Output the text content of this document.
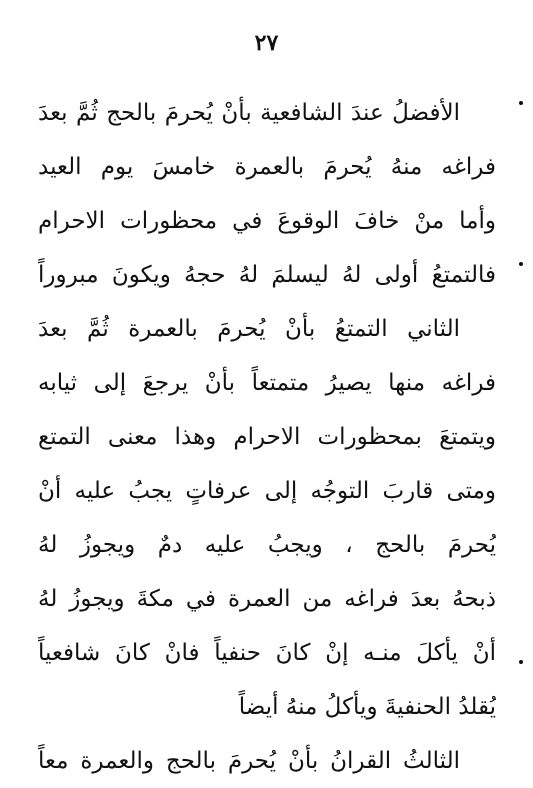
٢٧
الأفضلُ عندَ الشافعية بأنْ يُحرمَ بالحج ثُمَّ بعدَ
فراغه منهُ يُحرمَ بالعمرة خامسَ يوم العيد
وأما منْ خافَ الوقوعَ في محظورات الاحرام
فالتمتعُ أولى لهُ ليسلمَ لهُ حجهُ ويكونَ مبروراً
الثاني التمتعُ بأنْ يُحرمَ بالعمرة ثُمَّ بعدَ
فراغه منها يصيرُ متمتعاً بأنْ يرجعَ إلى ثيابه
ويتمتعَ بمحظورات الاحرام وهذا معنى التمتع
ومتى قاربَ التوجُه إلى عرفاتٍ يجبُ عليه أنْ
يُحرمَ بالحج ، ويجبُ عليه دمٌ ويجوزُ لهُ
ذبحهُ بعدَ فراغه من العمرة في مكةَ ويجوزُ لهُ
أنْ يأكلَ منـه إنْ كانَ حنفياً فانْ كانَ شافعياً
يُقلدُ الحنفيةَ ويأكلُ منهُ أيضاً
الثالثُ القرانُ بأنْ يُحرمَ بالحج والعمرة معاً
